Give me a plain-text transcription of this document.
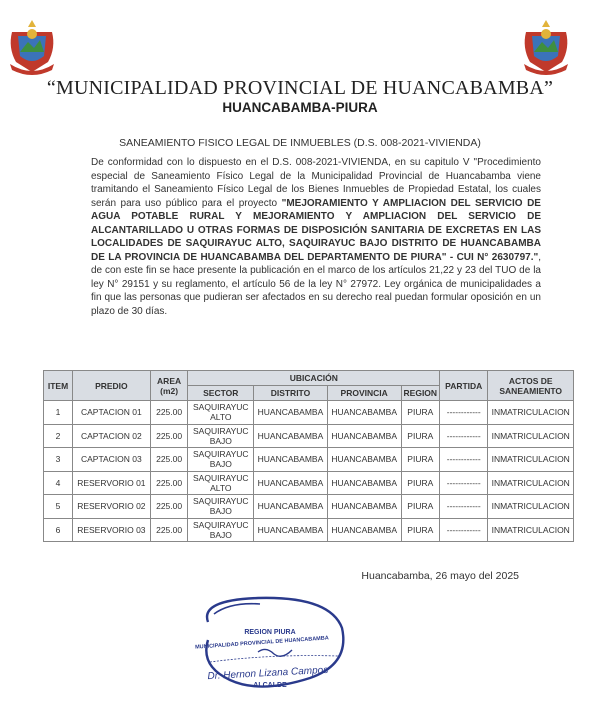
“MUNICIPALIDAD PROVINCIAL DE HUANCABAMBA”
HUANCABAMBA-PIURA
SANEAMIENTO FISICO LEGAL DE INMUEBLES (D.S. 008-2021-VIVIENDA)
De conformidad con lo dispuesto en el D.S. 008-2021-VIVIENDA, en su capitulo V "Procedimiento especial de Saneamiento Físico Legal de la Municipalidad Provincial de Huancabamba viene tramitando el Saneamiento Físico Legal de los Bienes Inmuebles de Propiedad Estatal, los cuales serán para uso público para el proyecto "MEJORAMIENTO Y AMPLIACION DEL SERVICIO DE AGUA POTABLE RURAL Y MEJORAMIENTO Y AMPLIACION DEL SERVICIO DE ALCANTARILLADO U OTRAS FORMAS DE DISPOSICIÓN SANITARIA DE EXCRETAS EN LAS LOCALIDADES DE SAQUIRAYUC ALTO, SAQUIRAYUC BAJO DISTRITO DE HUANCABAMBA DE LA PROVINCIA DE HUANCABAMBA DEL DEPARTAMENTO DE PIURA" - CUI N° 2630797.", de con este fin se hace presente la publicación en el marco de los artículos 21,22 y 23 del TUO de la ley N° 29151 y su reglamento, el artículo 56 de la ley N° 27972. Ley orgánica de municipalidades a fin que las personas que pudieran ser afectados en su derecho real puedan formular oposición en un plazo de 30 días.
ITEM	PREDIO	AREA (m2)	UBICACIÓN				PARTIDA	ACTOS DE SANEAMIENTO
			SECTOR	DISTRITO	PROVINCIA	REGION		
1	CAPTACION 01	225.00	SAQUIRAYUC ALTO	HUANCABAMBA	HUANCABAMBA	PIURA	------------	INMATRICULACION
2	CAPTACION 02	225.00	SAQUIRAYUC BAJO	HUANCABAMBA	HUANCABAMBA	PIURA	------------	INMATRICULACION
3	CAPTACION 03	225.00	SAQUIRAYUC BAJO	HUANCABAMBA	HUANCABAMBA	PIURA	------------	INMATRICULACION
4	RESERVORIO 01	225.00	SAQUIRAYUC ALTO	HUANCABAMBA	HUANCABAMBA	PIURA	------------	INMATRICULACION
5	RESERVORIO 02	225.00	SAQUIRAYUC BAJO	HUANCABAMBA	HUANCABAMBA	PIURA	------------	INMATRICULACION
6	RESERVORIO 03	225.00	SAQUIRAYUC BAJO	HUANCABAMBA	HUANCABAMBA	PIURA	------------	INMATRICULACION
Huancabamba, 26 mayo del 2025
REGION PIURA
MUNICIPALIDAD PROVINCIAL DE HUANCABAMBA
Dr. Hernon Lizana Campos
ALCALDE
